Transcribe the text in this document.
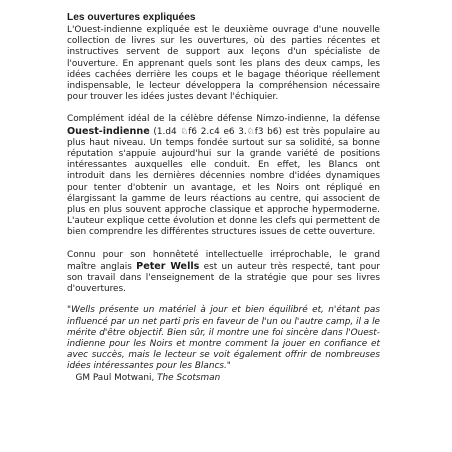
Les ouvertures expliquées

L'Ouest-indienne expliquée est le deuxième ouvrage d'une nouvelle collection de livres sur les ouvertures, où des parties récentes et instructives servent de support aux leçons d'un spécialiste de l'ouverture. En apprenant quels sont les plans des deux camps, les idées cachées derrière les coups et le bagage théorique réellement indispensable, le lecteur développera la compréhension nécessaire pour trouver les idées justes devant l'échiquier.

Complément idéal de la célèbre défense Nimzo-indienne, la défense Ouest-indienne (1.d4 ♘f6 2.c4 e6 3.♘f3 b6) est très populaire au plus haut niveau. Un temps fondée surtout sur sa solidité, sa bonne réputation s'appuie aujourd'hui sur la grande variété de positions intéressantes auxquelles elle conduit. En effet, les Blancs ont introduit dans les dernières décennies nombre d'idées dynamiques pour tenter d'obtenir un avantage, et les Noirs ont répliqué en élargissant la gamme de leurs réactions au centre, qui associent de plus en plus souvent approche classique et approche hypermoderne. L'auteur explique cette évolution et donne les clefs qui permettent de bien comprendre les différentes structures issues de cette ouverture.

Connu pour son honnêteté intellectuelle irréprochable, le grand maître anglais Peter Wells est un auteur très respecté, tant pour son travail dans l'enseignement de la stratégie que pour ses livres d'ouvertures.

"Wells présente un matériel à jour et bien équilibré et, n'étant pas influencé par un net parti pris en faveur de l'un ou l'autre camp, il a le mérite d'être objectif. Bien sûr, il montre une foi sincère dans l'Ouest-indienne pour les Noirs et montre comment la jouer en confiance et avec succès, mais le lecteur se voit également offrir de nombreuses idées intéressantes pour les Blancs."

GM Paul Motwani, The Scotsman
